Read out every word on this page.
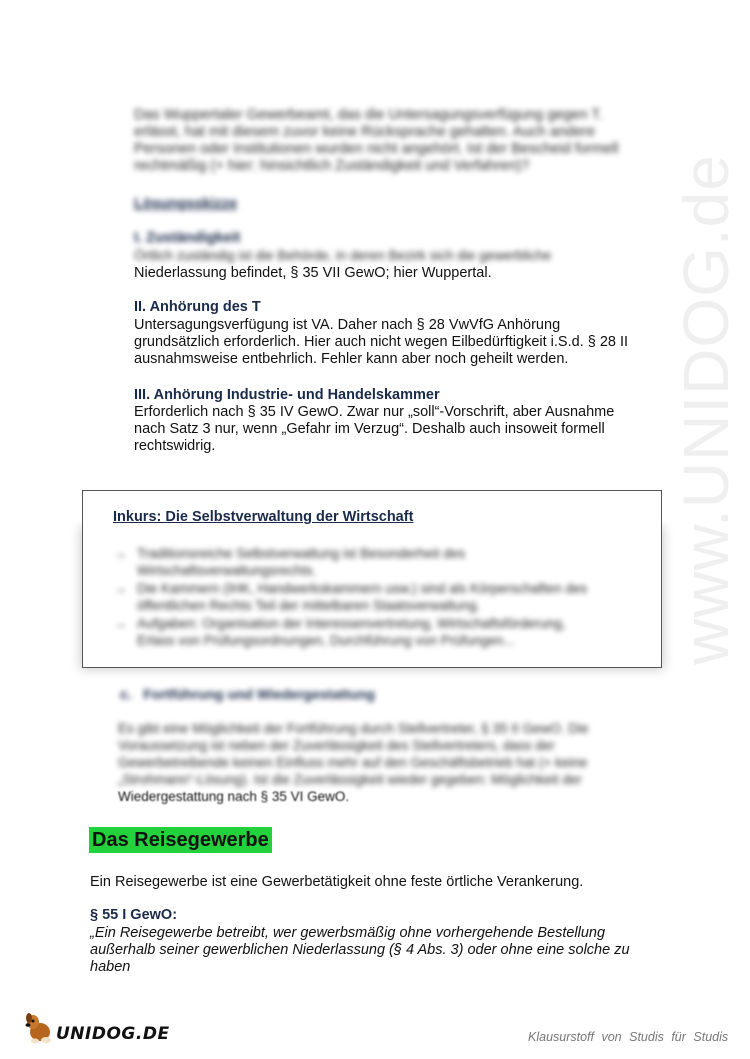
www.UNIDOG.de
Das Wuppertaler Gewerbeamt, das die Untersagungsverfügung gegen T.
erlässt, hat mit diesem zuvor keine Rücksprache gehalten. Auch andere
Personen oder Institutionen wurden nicht angehört. Ist der Bescheid formell
rechtmäßig (+ hier: hinsichtlich Zuständigkeit und Verfahren)?
Lösungsskizze
I. Zuständigkeit
Örtlich zuständig ist die Behörde, in deren Bezirk sich die gewerbliche
Niederlassung befindet, § 35 VII GewO; hier Wuppertal.
II. Anhörung des T
Untersagungsverfügung ist VA. Daher nach § 28 VwVfG Anhörung
grundsätzlich erforderlich. Hier auch nicht wegen Eilbedürftigkeit i.S.d. § 28 II
ausnahmsweise entbehrlich. Fehler kann aber noch geheilt werden.
III. Anhörung Industrie- und Handelskammer
Erforderlich nach § 35 IV GewO. Zwar nur „soll“-Vorschrift, aber Ausnahme
nach Satz 3 nur, wenn „Gefahr im Verzug“. Deshalb auch insoweit formell
rechtswidrig.
Inkurs: Die Selbstverwaltung der Wirtschaft
→ Traditionsreiche Selbstverwaltung ist Besonderheit des
Wirtschaftsverwaltungsrechts.
→ Die Kammern (IHK, Handwerkskammern usw.) sind als Körperschaften des
öffentlichen Rechts Teil der mittelbaren Staatsverwaltung.
→ Aufgaben: Organisation der Interessenvertretung, Wirtschaftsförderung,
Erlass von Prüfungsordnungen, Durchführung von Prüfungen...
c.   Fortführung und Wiedergestattung
Es gibt eine Möglichkeit der Fortführung durch Stellvertreter, § 35 II GewO. Die
Voraussetzung ist neben der Zuverlässigkeit des Stellvertreters, dass der
Gewerbetreibende keinen Einfluss mehr auf den Geschäftsbetrieb hat (+ keine
„Strohmann“-Lösung). Ist die Zuverlässigkeit wieder gegeben: Möglichkeit der
Wiedergestattung nach § 35 VI GewO.
Das Reisegewerbe
Ein Reisegewerbe ist eine Gewerbetätigkeit ohne feste örtliche Verankerung.
§ 55 I GewO:
„Ein Reisegewerbe betreibt, wer gewerbsmäßig ohne vorhergehende Bestellung
außerhalb seiner gewerblichen Niederlassung (§ 4 Abs. 3) oder ohne eine solche zu
haben
UNIDOG.DE	Klausurstoff von Studis für Studis
